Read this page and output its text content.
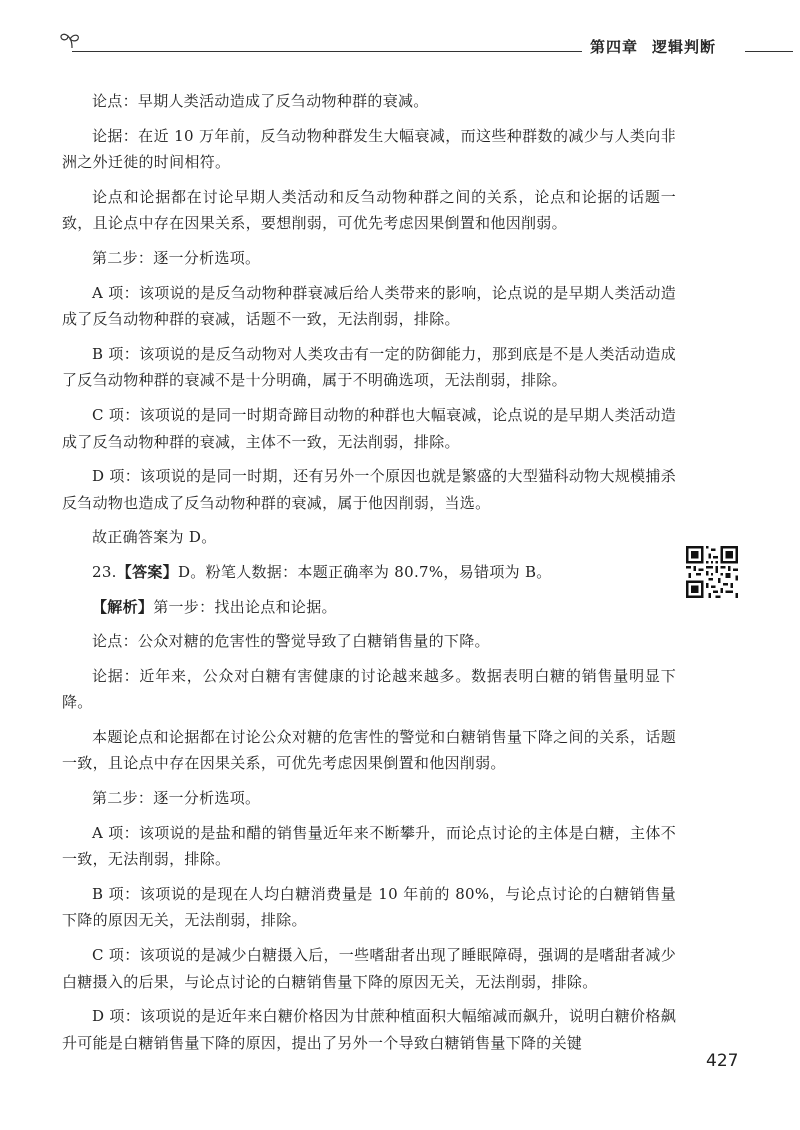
第四章 逻辑判断

论点：早期人类活动造成了反刍动物种群的衰减。

论据：在近 10 万年前，反刍动物种群发生大幅衰减，而这些种群数的减少与人类向非洲之外迁徙的时间相符。

论点和论据都在讨论早期人类活动和反刍动物种群之间的关系，论点和论据的话题一致，且论点中存在因果关系，要想削弱，可优先考虑因果倒置和他因削弱。

第二步：逐一分析选项。

A 项：该项说的是反刍动物种群衰减后给人类带来的影响，论点说的是早期人类活动造成了反刍动物种群的衰减，话题不一致，无法削弱，排除。

B 项：该项说的是反刍动物对人类攻击有一定的防御能力，那到底是不是人类活动造成了反刍动物种群的衰减不是十分明确，属于不明确选项，无法削弱，排除。

C 项：该项说的是同一时期奇蹄目动物的种群也大幅衰减，论点说的是早期人类活动造成了反刍动物种群的衰减，主体不一致，无法削弱，排除。

D 项：该项说的是同一时期，还有另外一个原因也就是繁盛的大型猫科动物大规模捕杀反刍动物也造成了反刍动物种群的衰减，属于他因削弱，当选。

故正确答案为 D。

23.【答案】D。粉笔人数据：本题正确率为 80.7%，易错项为 B。

【解析】第一步：找出论点和论据。

论点：公众对糖的危害性的警觉导致了白糖销售量的下降。

论据：近年来，公众对白糖有害健康的讨论越来越多。数据表明白糖的销售量明显下降。

本题论点和论据都在讨论公众对糖的危害性的警觉和白糖销售量下降之间的关系，话题一致，且论点中存在因果关系，可优先考虑因果倒置和他因削弱。

第二步：逐一分析选项。

A 项：该项说的是盐和醋的销售量近年来不断攀升，而论点讨论的主体是白糖，主体不一致，无法削弱，排除。

B 项：该项说的是现在人均白糖消费量是 10 年前的 80%，与论点讨论的白糖销售量下降的原因无关，无法削弱，排除。

C 项：该项说的是减少白糖摄入后，一些嗜甜者出现了睡眠障碍，强调的是嗜甜者减少白糖摄入的后果，与论点讨论的白糖销售量下降的原因无关，无法削弱，排除。

D 项：该项说的是近年来白糖价格因为甘蔗种植面积大幅缩减而飙升，说明白糖价格飙升可能是白糖销售量下降的原因，提出了另外一个导致白糖销售量下降的关键

427
